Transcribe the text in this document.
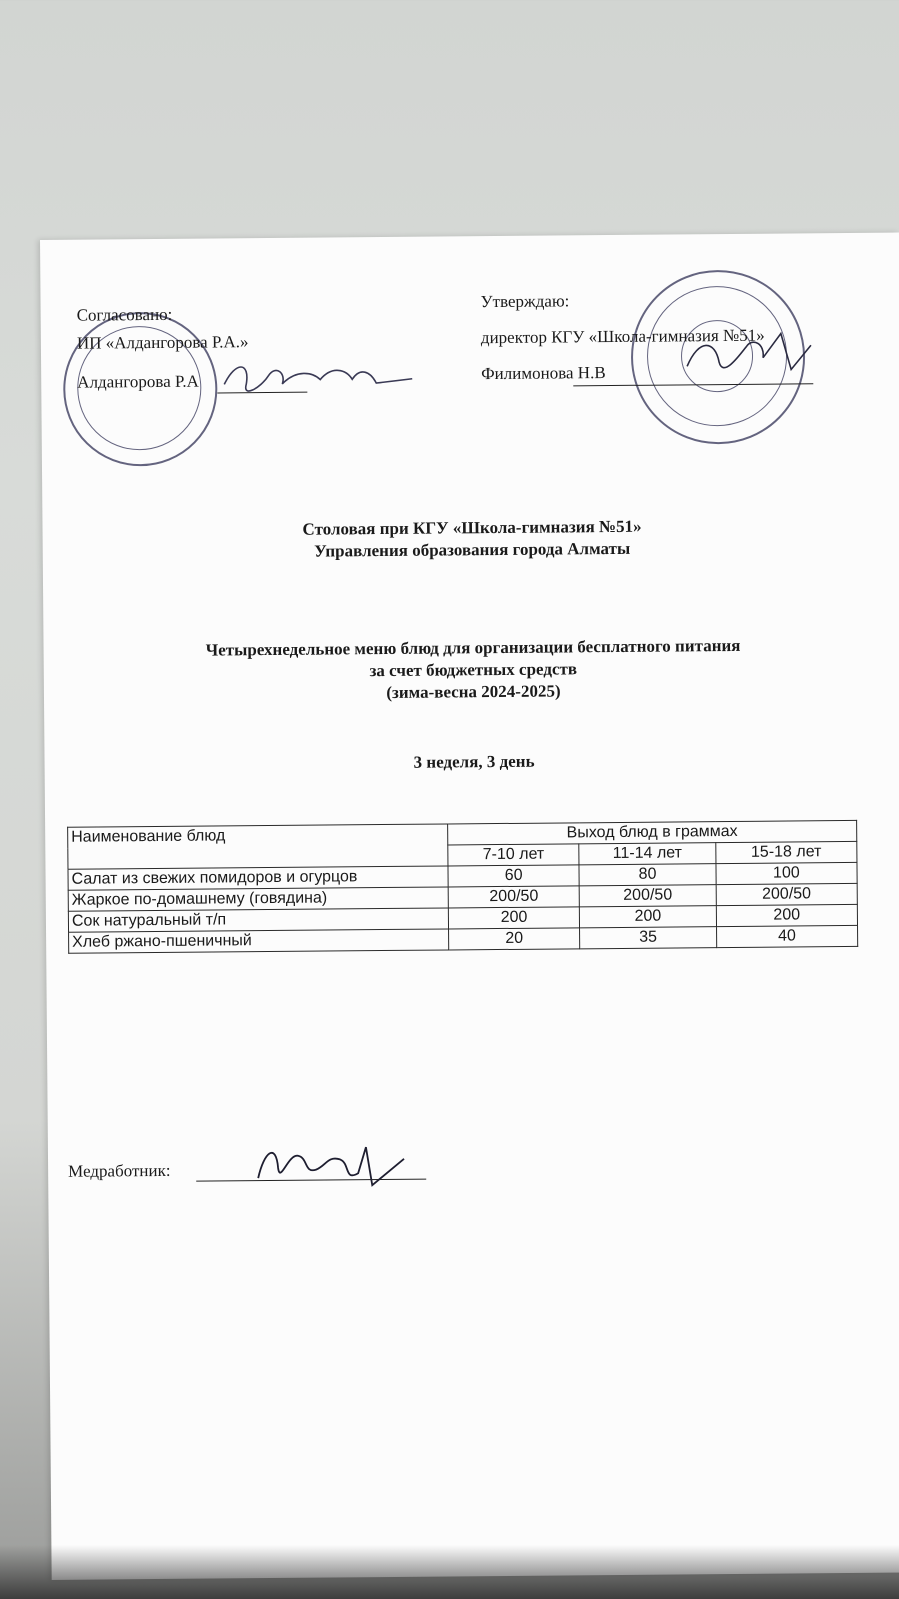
Согласовано:
ИП «Алдангорова Р.А.»
Алдангорова Р.А
Утверждаю:
директор КГУ «Школа-гимназия №51»
Филимонова Н.В
Столовая при КГУ «Школа-гимназия №51»
Управления образования города Алматы
Четырехнедельное меню блюд для организации бесплатного питания
за счет бюджетных средств
(зима-весна 2024-2025)
3 неделя, 3 день
Наименование блюд	Выход блюд в граммах		
	7-10 лет	11-14 лет	15-18 лет
Салат из свежих помидоров и огурцов	60	80	100
Жаркое по-домашнему (говядина)	200/50	200/50	200/50
Сок натуральный т/п	200	200	200
Хлеб ржано-пшеничный	20	35	40
Медработник:
